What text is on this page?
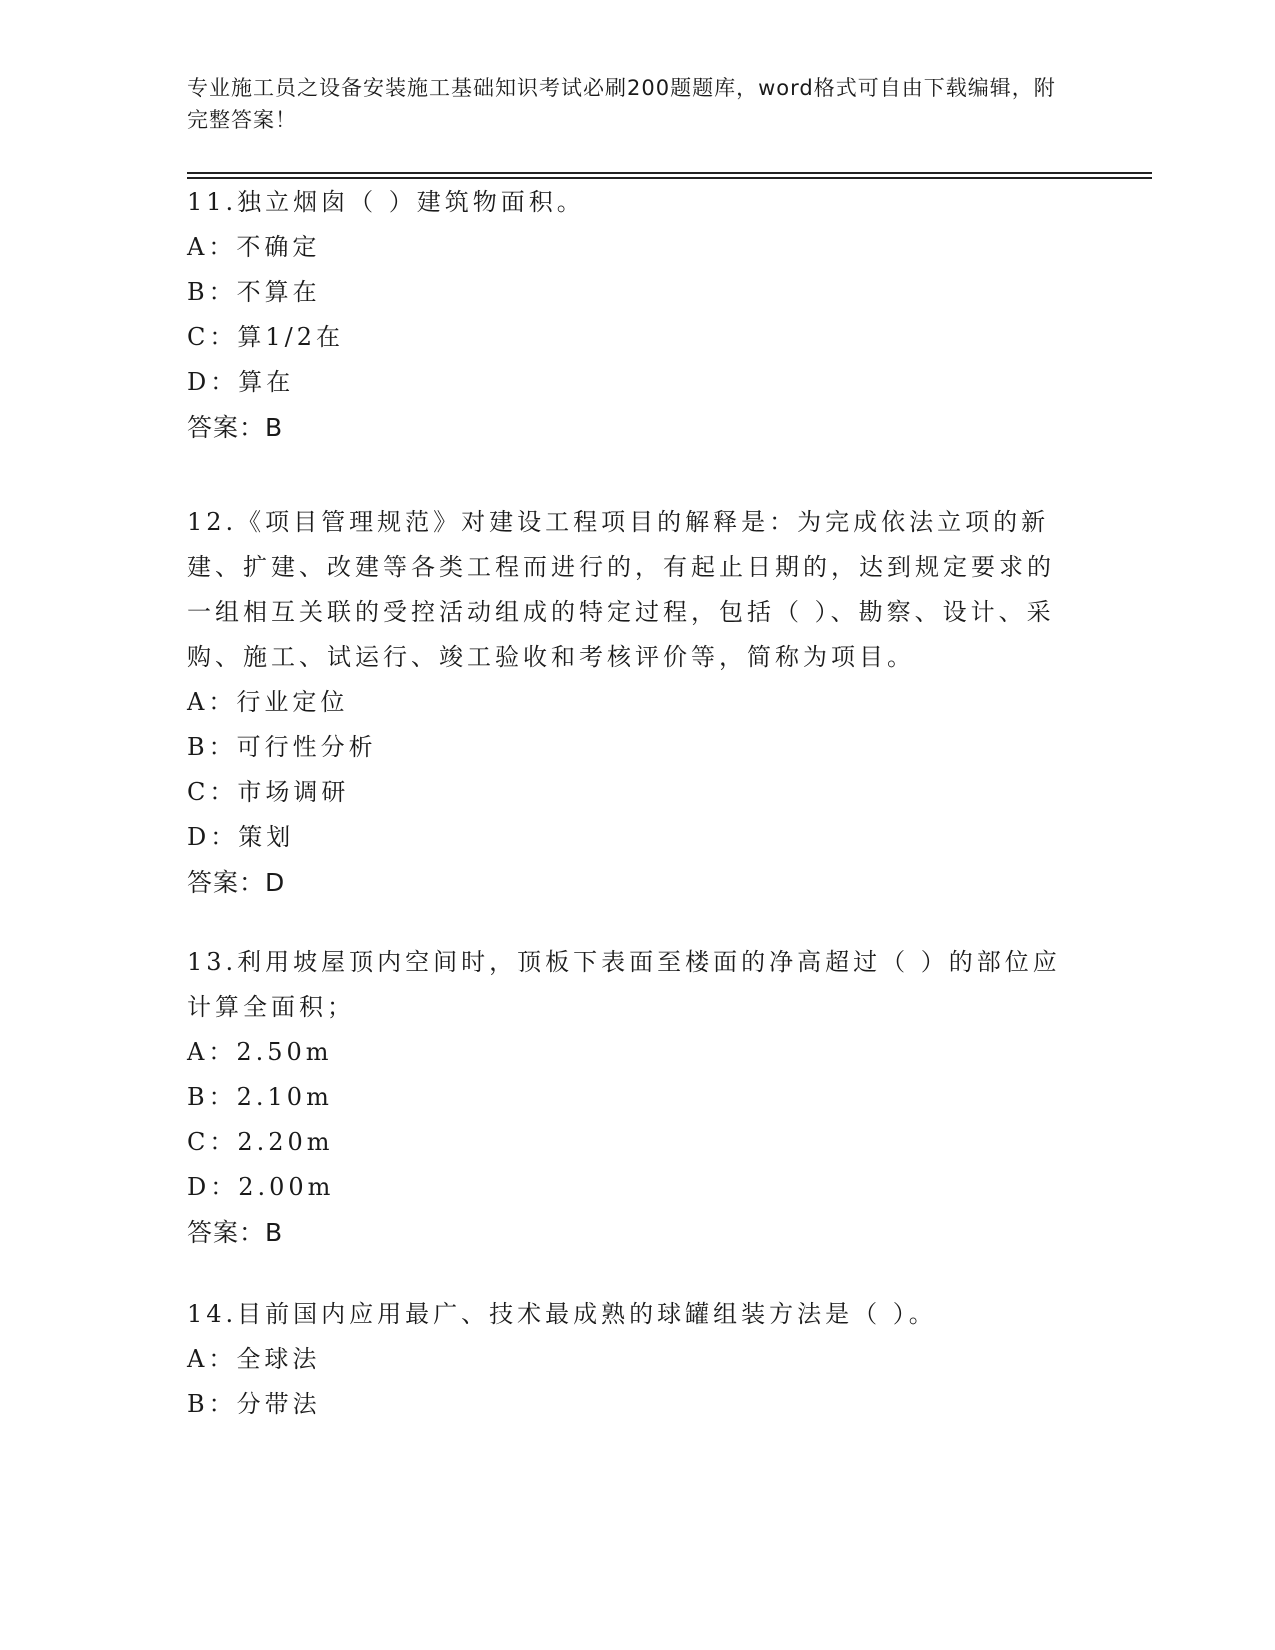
专业施工员之设备安装施工基础知识考试必刷200题题库，word格式可自由下载编辑，附完整答案！

11.独立烟囱（ ）建筑物面积。

A：不确定

B：不算在

C：算1/2在

D：算在

答案：B

12.《项目管理规范》对建设工程项目的解释是：为完成依法立项的新建、扩建、改建等各类工程而进行的，有起止日期的，达到规定要求的一组相互关联的受控活动组成的特定过程，包括（ ）、勘察、设计、采购、施工、试运行、竣工验收和考核评价等，简称为项目。

A：行业定位

B：可行性分析

C：市场调研

D：策划

答案：D

13.利用坡屋顶内空间时，顶板下表面至楼面的净高超过（ ）的部位应计算全面积；

A：2.50m

B：2.10m

C：2.20m

D：2.00m

答案：B

14.目前国内应用最广、技术最成熟的球罐组装方法是（ ）。

A：全球法

B：分带法
